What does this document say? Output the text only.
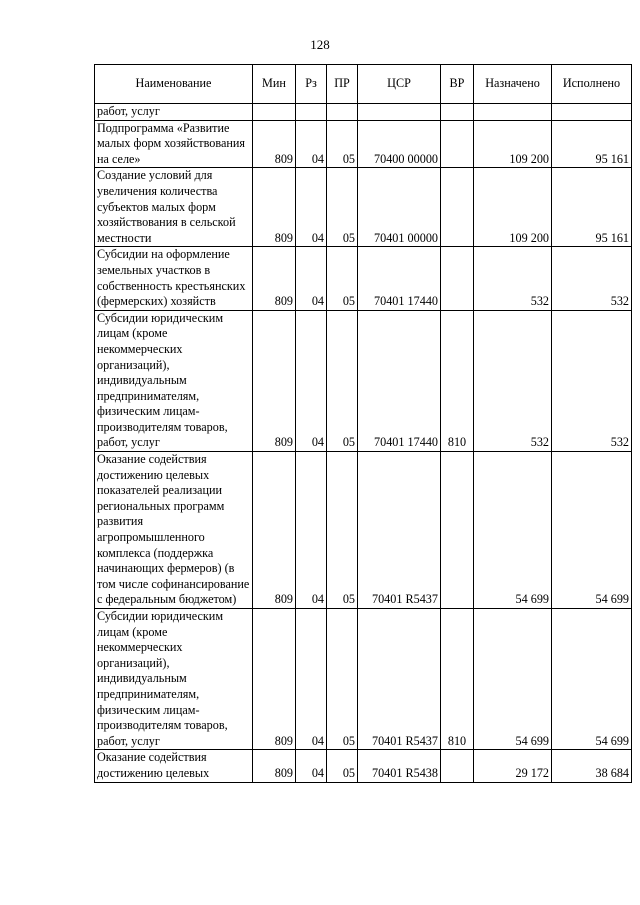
128
Наименование	Мин	Рз	ПР	ЦСР	ВР	Назначено	Исполнено
работ, услуг							
Подпрограмма «Развитие малых форм хозяйствования на селе»	809	04	05	70400 00000		109 200	95 161
Создание условий для увеличения количества субъектов малых форм хозяйствования в сельской местности	809	04	05	70401 00000		109 200	95 161
Субсидии на оформление земельных участков в собственность крестьянских (фермерских) хозяйств	809	04	05	70401 17440		532	532
Субсидии юридическим лицам (кроме некоммерческих организаций), индивидуальным предпринимателям, физическим лицам-производителям товаров, работ, услуг	809	04	05	70401 17440	810	532	532
Оказание содействия достижению целевых показателей реализации региональных программ развития агропромышленного комплекса (поддержка начинающих фермеров) (в том числе софинансирование с федеральным бюджетом)	809	04	05	70401 R5437		54 699	54 699
Субсидии юридическим лицам (кроме некоммерческих организаций), индивидуальным предпринимателям, физическим лицам-производителям товаров, работ, услуг	809	04	05	70401 R5437	810	54 699	54 699
Оказание содействия достижению целевых	809	04	05	70401 R5438		29 172	38 684
